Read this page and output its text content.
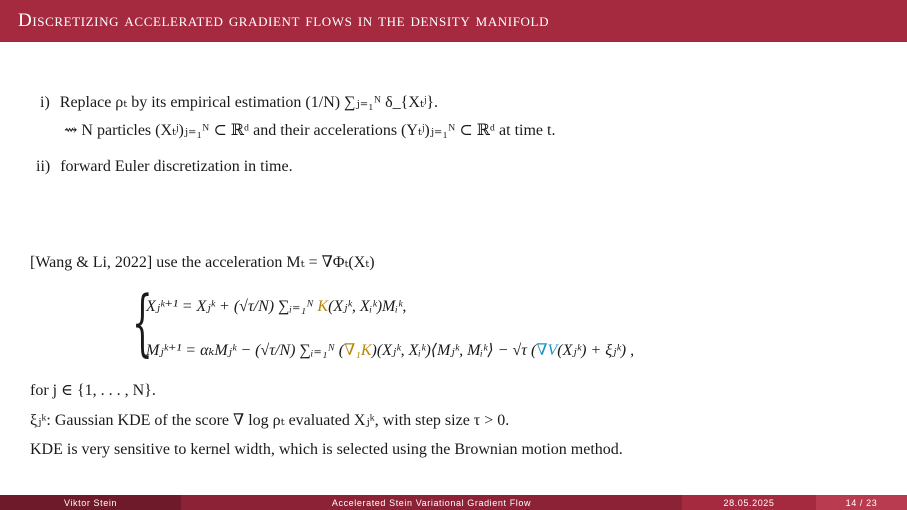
Discretizing accelerated gradient flows in the density manifold
i) Replace ρₜ by its empirical estimation (1/N) ∑ⱼ₌₁ᴺ δ_{Xₜʲ}.
⇝ N particles (Xₜʲ)ⱼ₌₁ᴺ ⊂ ℝᵈ and their accelerations (Yₜʲ)ⱼ₌₁ᴺ ⊂ ℝᵈ at time t.
ii) forward Euler discretization in time.
[Wang & Li, 2022] use the acceleration Mₜ = ∇Φₜ(Xₜ)
{
Xⱼᵏ⁺¹ = Xⱼᵏ + (√τ/N) ∑ᵢ₌₁ᴺ K(Xⱼᵏ, Xᵢᵏ)Mᵢᵏ,
Mⱼᵏ⁺¹ = αₖMⱼᵏ − (√τ/N) ∑ᵢ₌₁ᴺ (∇₁K)(Xⱼᵏ, Xᵢᵏ)⟨Mⱼᵏ, Mᵢᵏ⟩ − √τ (∇V(Xⱼᵏ) + ξⱼᵏ) ,
for j ∈ {1, . . . , N}.
ξⱼᵏ: Gaussian KDE of the score ∇ log ρₜ evaluated Xⱼᵏ, with step size τ > 0.
KDE is very sensitive to kernel width, which is selected using the Brownian motion method.
Viktor Stein	Accelerated Stein Variational Gradient Flow	28.05.2025	14 / 23
